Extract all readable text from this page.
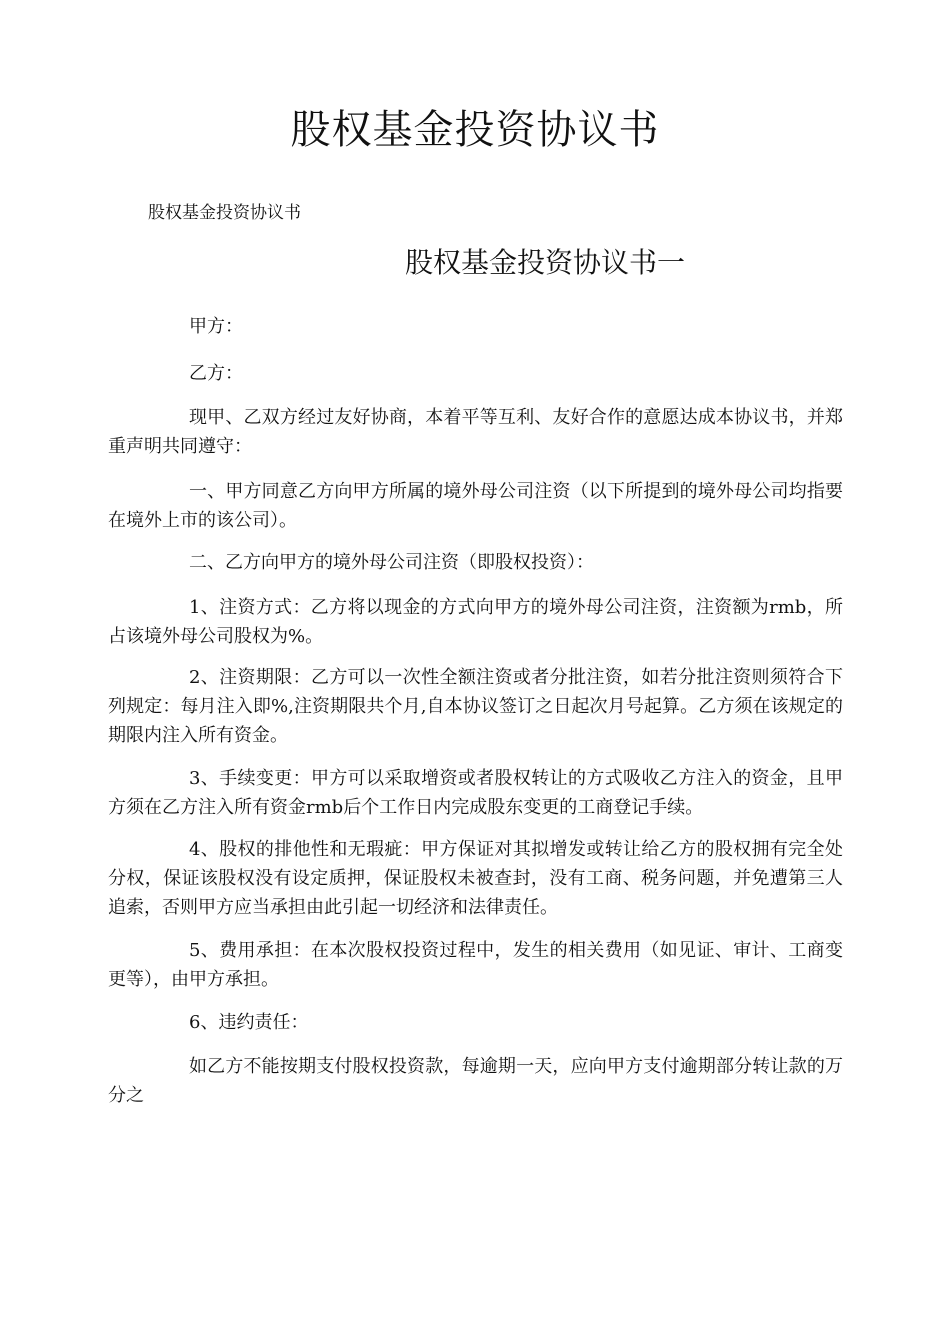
股权基金投资协议书
股权基金投资协议书
股权基金投资协议书一

甲方：

乙方：

现甲、乙双方经过友好协商，本着平等互利、友好合作的意愿达成本协议书，并郑重声明共同遵守：

一、甲方同意乙方向甲方所属的境外母公司注资（以下所提到的境外母公司均指要在境外上市的该公司）。

二、乙方向甲方的境外母公司注资（即股权投资）：

1、注资方式：乙方将以现金的方式向甲方的境外母公司注资，注资额为rmb，所占该境外母公司股权为%。

2、注资期限：乙方可以一次性全额注资或者分批注资，如若分批注资则须符合下列规定：每月注入即%,注资期限共个月,自本协议签订之日起次月号起算。乙方须在该规定的期限内注入所有资金。

3、手续变更：甲方可以采取增资或者股权转让的方式吸收乙方注入的资金，且甲方须在乙方注入所有资金rmb后个工作日内完成股东变更的工商登记手续。

4、股权的排他性和无瑕疵：甲方保证对其拟增发或转让给乙方的股权拥有完全处分权，保证该股权没有设定质押，保证股权未被查封，没有工商、税务问题，并免遭第三人追索，否则甲方应当承担由此引起一切经济和法律责任。

5、费用承担：在本次股权投资过程中，发生的相关费用（如见证、审计、工商变更等），由甲方承担。

6、违约责任：

如乙方不能按期支付股权投资款，每逾期一天，应向甲方支付逾期部分转让款的万分之
